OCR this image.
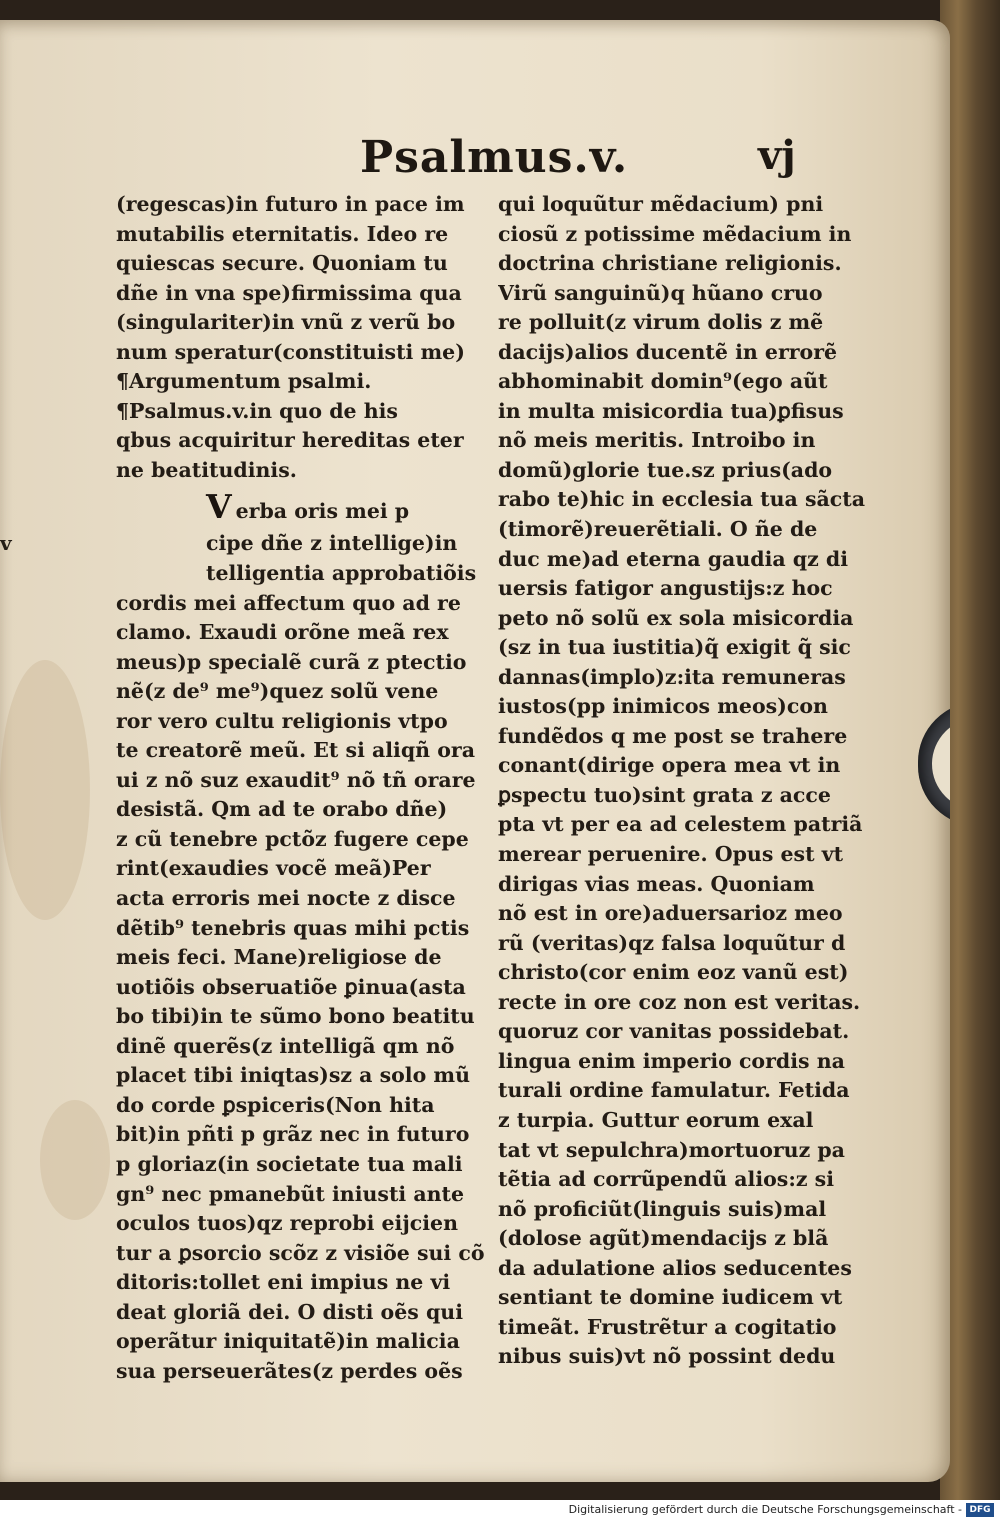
Psalmus.v.	vj
(regescas)in futuro in pace im
mutabilis eternitatis. Ideo re
quiescas secure. Quoniam tu
dñe in vna spe)firmissima qua
(singulariter)in vnũ z verũ bo
num speratur(constituisti me)
¶Argumentum psalmi.
¶Psalmus.v.in quo de his
qbus acquiritur hereditas eter
ne beatitudinis.
Verba oris mei p
v	cipe dñe z intellige)in
telligentia approbatiõis
cordis mei affectum quo ad re
clamo. Exaudi orõne meã rex
meus)p specialẽ curã z ptectio
nẽ(z de⁹ me⁹)quez solũ vene
ror vero cultu religionis vtpo
te creatorẽ meũ. Et si aliqñ ora
ui z nõ suz exaudit⁹ nõ tñ orare
desistã. Qm ad te orabo dñe)
z cũ tenebre pctõz fugere cepe
rint(exaudies vocẽ meã)Per
acta erroris mei nocte z disce
dẽtib⁹ tenebris quas mihi pctis
meis feci. Mane)religiose de
uotiõis obseruatiõe ꝑinua(asta
bo tibi)in te sũmo bono beatitu
dinẽ querẽs(z intelligã qm nõ
placet tibi iniqtas)sz a solo mũ
do corde ꝑspiceris(Non hita
bit)in pñti p grãz nec in futuro
p gloriaz(in societate tua mali
gn⁹ nec pmanebũt iniusti ante
oculos tuos)qz reprobi eijcien
tur a ꝑsorcio scõz z visiõe sui cõ
ditoris:tollet eni impius ne vi
deat gloriã dei. O disti oẽs qui
operãtur iniquitatẽ)in malicia
sua perseuerãtes(z perdes oẽs
qui loquũtur mẽdacium) pni
ciosũ z potissime mẽdacium in
doctrina christiane religionis.
Virũ sanguinũ)q hũano cruo
re polluit(z virum dolis z mẽ
dacijs)alios ducentẽ in errorẽ
abhominabit domin⁹(ego aũt
in multa misicordia tua)ꝑfisus
nõ meis meritis. Introibo in
domũ)glorie tue.sz prius(ado
rabo te)hic in ecclesia tua sãcta
(timorẽ)reuerẽtiali. O ñe de
duc me)ad eterna gaudia qz di
uersis fatigor angustijs:z hoc
peto nõ solũ ex sola misicordia
(sz in tua iustitia)q̃ exigit q̃ sic
dannas(implo)z:ita remuneras
iustos(pp inimicos meos)con
fundẽdos q me post se trahere
conant(dirige opera mea vt in
ꝑspectu tuo)sint grata z acce
pta vt per ea ad celestem patriã
merear peruenire. Opus est vt
dirigas vias meas. Quoniam
nõ est in ore)aduersarioz meo
rũ (veritas)qz falsa loquũtur d
christo(cor enim eoz vanũ est)
recte in ore coz non est veritas.
quoruz cor vanitas possidebat.
lingua enim imperio cordis na
turali ordine famulatur. Fetida
z turpia. Guttur eorum exal
tat vt sepulchra)mortuoruz pa
tẽtia ad corrũpendũ alios:z si
nõ proficiũt(linguis suis)mal
(dolose agũt)mendacijs z blã
da adulatione alios seducentes
sentiant te domine iudicem vt
timeãt. Frustrẽtur a cogitatio
nibus suis)vt nõ possint dedu
Digitalisierung gefördert durch die Deutsche Forschungsgemeinschaft - DFG
